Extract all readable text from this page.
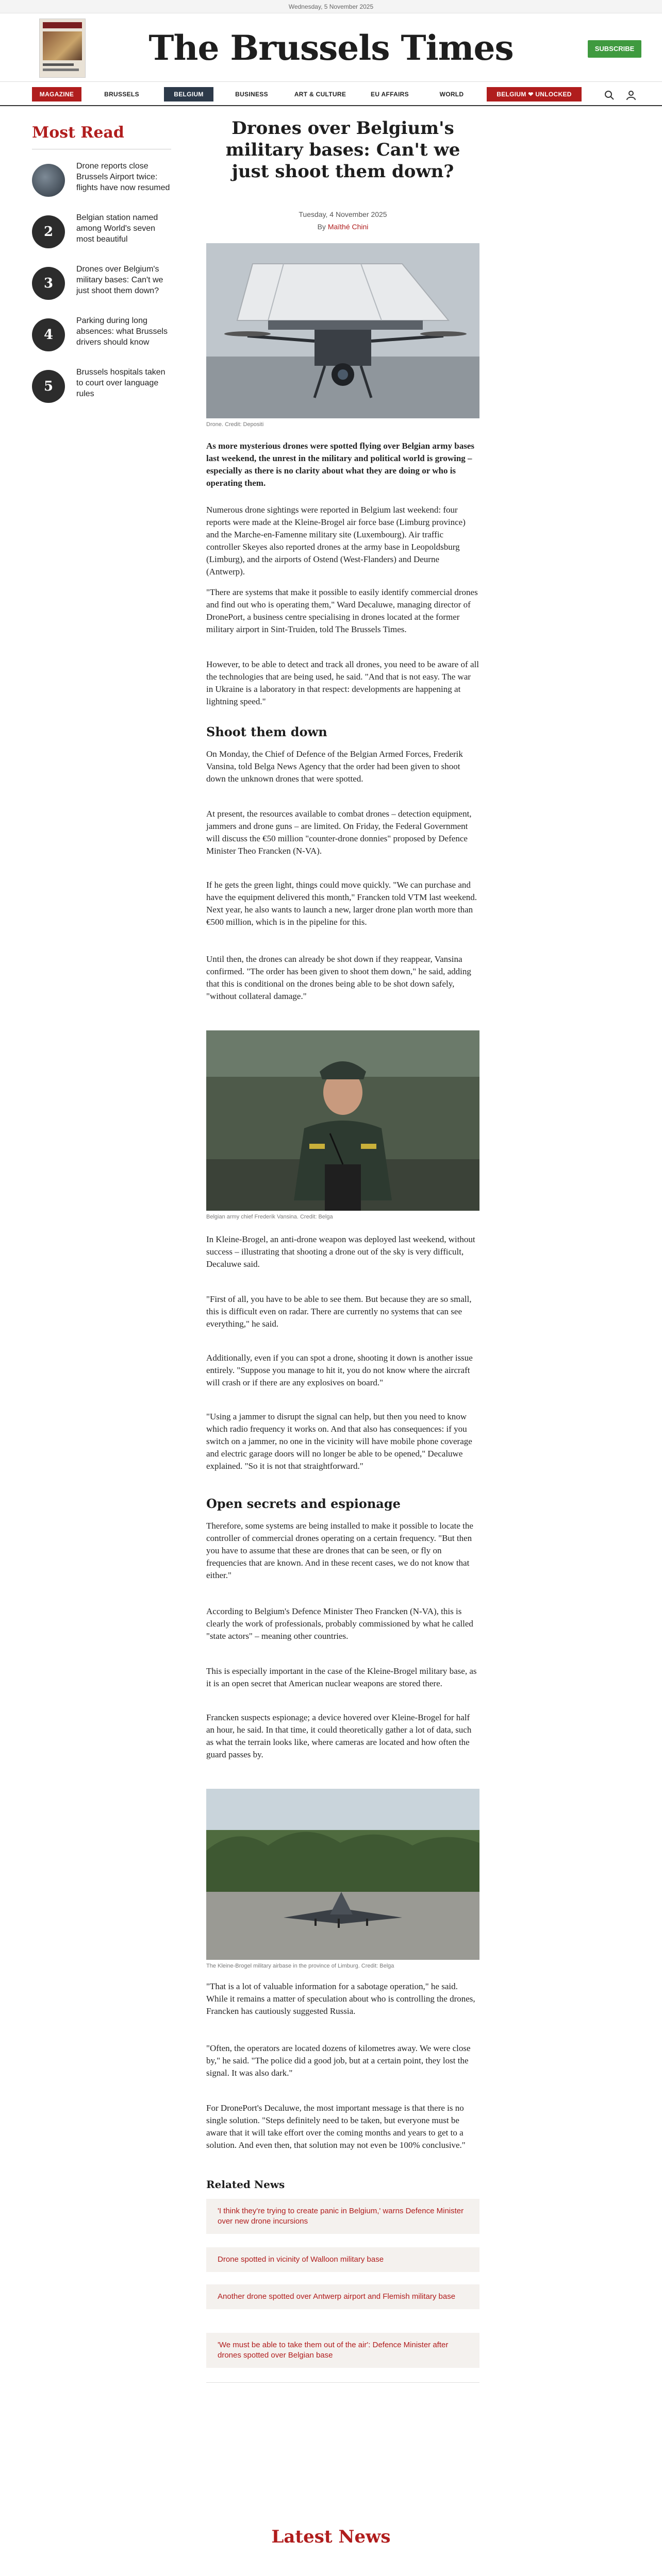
Wednesday, 5 November 2025
The Brussels Times	SUBSCRIBE
MAGAZINE	BRUSSELS	BELGIUM	BUSINESS	ART & CULTURE	EU AFFAIRS	WORLD	BELGIUM ❤ UNLOCKED
Most Read
Drone reports close Brussels Airport twice: flights have now resumed
2
Belgian station named among World's seven most beautiful
3
Drones over Belgium's military bases: Can't we just shoot them down?
4
Parking during long absences: what Brussels drivers should know
5
Brussels hospitals taken to court over language rules
Drones over Belgium's military bases: Can't we just shoot them down?
Tuesday, 4 November 2025
By Maïthé Chini
Drone. Credit: Depositi

As more mysterious drones were spotted flying over Belgian army bases last weekend, the unrest in the military and political world is growing – especially as there is no clarity about what they are doing or who is operating them.

Numerous drone sightings were reported in Belgium last weekend: four reports were made at the Kleine-Brogel air force base (Limburg province) and the Marche-en-Famenne military site (Luxembourg). Air traffic controller Skeyes also reported drones at the army base in Leopoldsburg (Limburg), and the airports of Ostend (West-Flanders) and Deurne (Antwerp).

"There are systems that make it possible to easily identify commercial drones and find out who is operating them," Ward Decaluwe, managing director of DronePort, a business centre specialising in drones located at the former military airport in Sint-Truiden, told The Brussels Times.

However, to be able to detect and track all drones, you need to be aware of all the technologies that are being used, he said. "And that is not easy. The war in Ukraine is a laboratory in that respect: developments are happening at lightning speed."

Shoot them down

On Monday, the Chief of Defence of the Belgian Armed Forces, Frederik Vansina, told Belga News Agency that the order had been given to shoot down the unknown drones that were spotted.

At present, the resources available to combat drones – detection equipment, jammers and drone guns – are limited. On Friday, the Federal Government will discuss the €50 million "counter-drone donnies" proposed by Defence Minister Theo Francken (N-VA).

If he gets the green light, things could move quickly. "We can purchase and have the equipment delivered this month," Francken told VTM last weekend. Next year, he also wants to launch a new, larger drone plan worth more than €500 million, which is in the pipeline for this.

Until then, the drones can already be shot down if they reappear, Vansina confirmed. "The order has been given to shoot them down," he said, adding that this is conditional on the drones being able to be shot down safely, "without collateral damage."

Belgian army chief Frederik Vansina. Credit: Belga

In Kleine-Brogel, an anti-drone weapon was deployed last weekend, without success – illustrating that shooting a drone out of the sky is very difficult, Decaluwe said.

"First of all, you have to be able to see them. But because they are so small, this is difficult even on radar. There are currently no systems that can see everything," he said.

Additionally, even if you can spot a drone, shooting it down is another issue entirely. "Suppose you manage to hit it, you do not know where the aircraft will crash or if there are any explosives on board."

"Using a jammer to disrupt the signal can help, but then you need to know which radio frequency it works on. And that also has consequences: if you switch on a jammer, no one in the vicinity will have mobile phone coverage and electric garage doors will no longer be able to be opened," Decaluwe explained. "So it is not that straightforward."

Open secrets and espionage

Therefore, some systems are being installed to make it possible to locate the controller of commercial drones operating on a certain frequency. "But then you have to assume that these are drones that can be seen, or fly on frequencies that are known. And in these recent cases, we do not know that either."

According to Belgium's Defence Minister Theo Francken (N-VA), this is clearly the work of professionals, probably commissioned by what he called "state actors" – meaning other countries.

This is especially important in the case of the Kleine-Brogel military base, as it is an open secret that American nuclear weapons are stored there.

Francken suspects espionage; a device hovered over Kleine-Brogel for half an hour, he said. In that time, it could theoretically gather a lot of data, such as what the terrain looks like, where cameras are located and how often the guard passes by.

The Kleine-Brogel military airbase in the province of Limburg. Credit: Belga

"That is a lot of valuable information for a sabotage operation," he said. While it remains a matter of speculation about who is controlling the drones, Francken has cautiously suggested Russia.

"Often, the operators are located dozens of kilometres away. We were close by," he said. "The police did a good job, but at a certain point, they lost the signal. It was also dark."

For DronePort's Decaluwe, the most important message is that there is no single solution. "Steps definitely need to be taken, but everyone must be aware that it will take effort over the coming months and years to get to a solution. And even then, that solution may not even be 100% conclusive."

Related News
'I think they're trying to create panic in Belgium,' warns Defence Minister over new drone incursions
Drone spotted in vicinity of Walloon military base
Another drone spotted over Antwerp airport and Flemish military base
'We must be able to take them out of the air': Defence Minister after drones spotted over Belgian base
Latest News
